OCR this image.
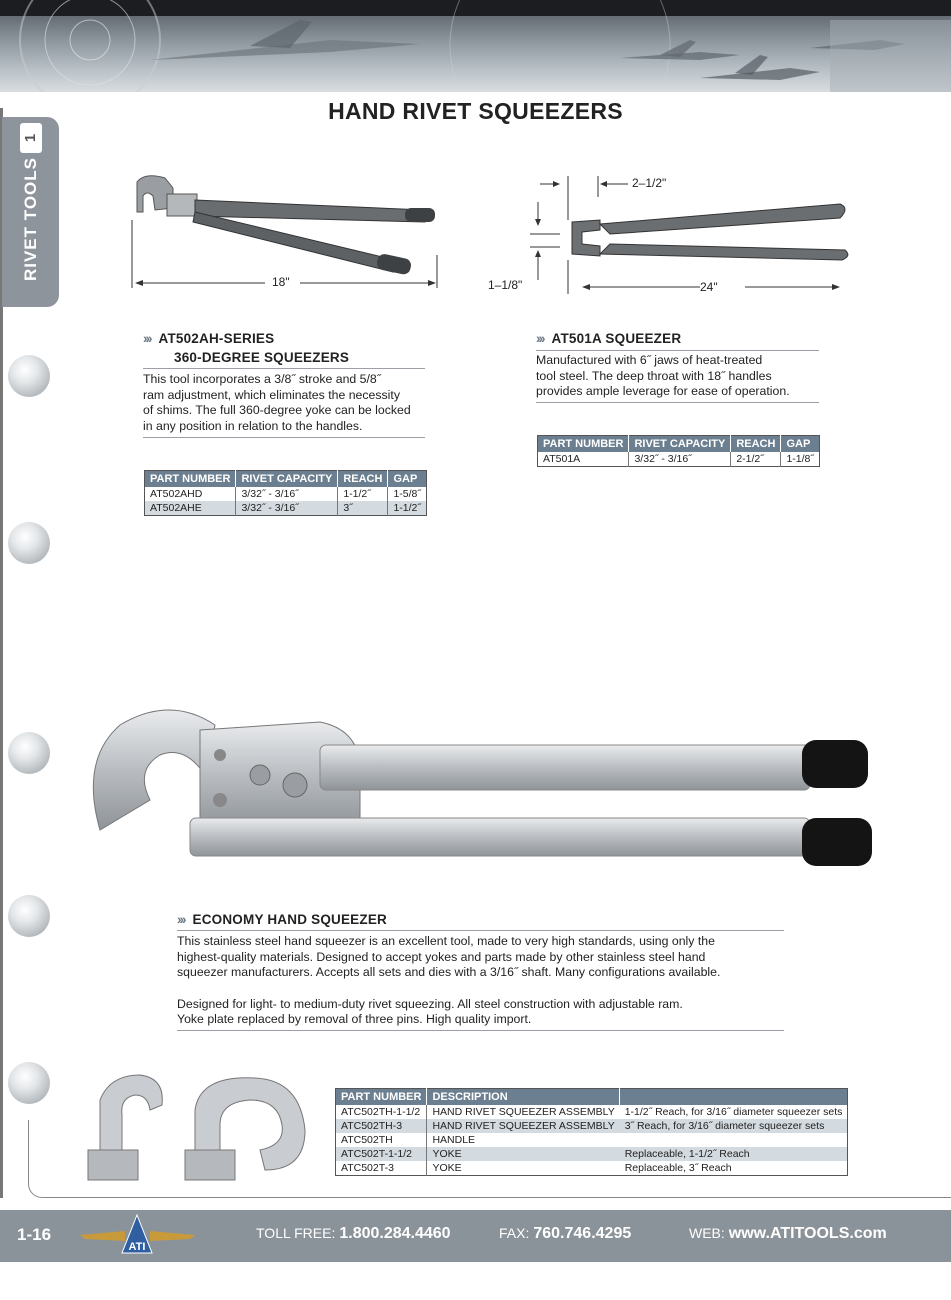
HAND RIVET SQUEEZERS
1
RIVET TOOLS
18"
››› AT502AH-SERIES
360-DEGREE SQUEEZERS
This tool incorporates a 3/8˝ stroke and 5/8˝
ram adjustment, which eliminates the necessity
of shims. The full 360-degree yoke can be locked
in any position in relation to the handles.
PART NUMBER	RIVET CAPACITY	REACH	GAP
AT502AHD	3/32˝ - 3/16˝	1-1/2˝	1-5/8˝
AT502AHE	3/32˝ - 3/16˝	3˝	1-1/2˝
2–1/2"
1–1/8"	24"
››› AT501A SQUEEZER
Manufactured with 6˝ jaws of heat-treated
tool steel. The deep throat with 18˝ handles
provides ample leverage for ease of operation.
PART NUMBER	RIVET CAPACITY	REACH	GAP
AT501A	3/32˝ - 3/16˝	2-1/2˝	1-1/8˝
››› ECONOMY HAND SQUEEZER
This stainless steel hand squeezer is an excellent tool, made to very high standards, using only the
highest-quality materials. Designed to accept yokes and parts made by other stainless steel hand
squeezer manufacturers. Accepts all sets and dies with a 3/16˝ shaft. Many configurations available.
Designed for light- to medium-duty rivet squeezing. All steel construction with adjustable ram.
Yoke plate replaced by removal of three pins. High quality import.
PART NUMBER	DESCRIPTION	
ATC502TH-1-1/2	HAND RIVET SQUEEZER ASSEMBLY	1-1/2˝ Reach, for 3/16˝ diameter squeezer sets
ATC502TH-3	HAND RIVET SQUEEZER ASSEMBLY	3˝ Reach, for 3/16˝ diameter squeezer sets
ATC502TH	HANDLE	
ATC502T-1-1/2	YOKE	Replaceable, 1-1/2˝ Reach
ATC502T-3	YOKE	Replaceable, 3˝ Reach
1-16
ATI
TOLL FREE: 1.800.284.4460	FAX: 760.746.4295	WEB: www.ATITOOLS.com
